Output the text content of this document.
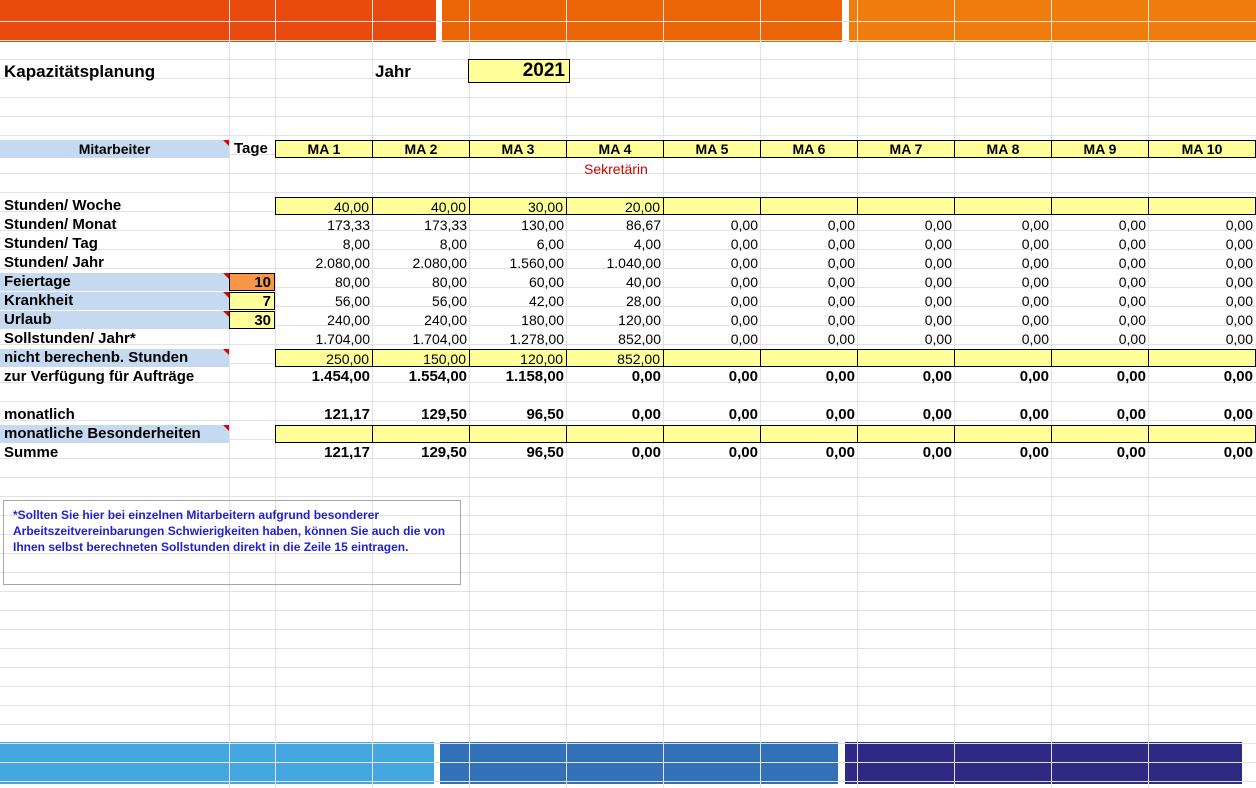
Kapazitätsplanung	Jahr	2021
Mitarbeiter	Tage	MA 1	MA 2	MA 3	MA 4	MA 5	MA 6	MA 7	MA 8	MA 9	MA 10
Sekretärin
Stunden/ Woche	40,00	40,00	30,00	20,00
Stunden/ Monat	173,33	173,33	130,00	86,67	0,00	0,00	0,00	0,00	0,00	0,00
Stunden/ Tag	8,00	8,00	6,00	4,00	0,00	0,00	0,00	0,00	0,00	0,00
Stunden/ Jahr	2.080,00	2.080,00	1.560,00	1.040,00	0,00	0,00	0,00	0,00	0,00	0,00
Feiertage	10	80,00	80,00	60,00	40,00	0,00	0,00	0,00	0,00	0,00	0,00
Krankheit	7	56,00	56,00	42,00	28,00	0,00	0,00	0,00	0,00	0,00	0,00
Urlaub	30	240,00	240,00	180,00	120,00	0,00	0,00	0,00	0,00	0,00	0,00
Sollstunden/ Jahr*	1.704,00	1.704,00	1.278,00	852,00	0,00	0,00	0,00	0,00	0,00	0,00
nicht berechenb. Stunden	250,00	150,00	120,00	852,00
zur Verfügung für Aufträge	1.454,00	1.554,00	1.158,00	0,00	0,00	0,00	0,00	0,00	0,00	0,00
monatlich	121,17	129,50	96,50	0,00	0,00	0,00	0,00	0,00	0,00	0,00
monatliche Besonderheiten
Summe	121,17	129,50	96,50	0,00	0,00	0,00	0,00	0,00	0,00	0,00
*Sollten Sie hier bei einzelnen Mitarbeitern aufgrund besonderer Arbeitszeitvereinbarungen Schwierigkeiten haben, können Sie auch die von Ihnen selbst berechneten Sollstunden direkt in die Zeile 15 eintragen.
